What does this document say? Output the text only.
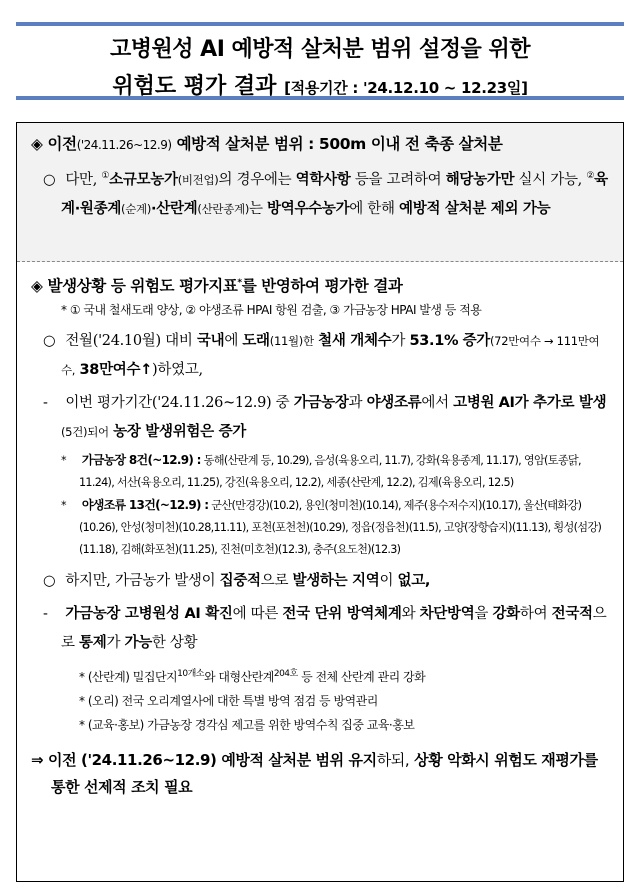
고병원성 AI 예방적 살처분 범위 설정을 위한
위험도 평가 결과 [적용기간 : '24.12.10 ~ 12.23일]
◈ 이전('24.11.26~12.9) 예방적 살처분 범위 : 500m 이내 전 축종 살처분
○ 다만, ①소규모농가(비전업)의 경우에는 역학사항 등을 고려하여 해당농가만 실시 가능, ②육계·원종계(순계)·산란계(산란종계)는 방역우수농가에 한해 예방적 살처분 제외 가능
◈ 발생상황 등 위험도 평가지표*를 반영하여 평가한 결과
* ① 국내 철새도래 양상, ② 야생조류 HPAI 항원 검출, ③ 가금농장 HPAI 발생 등 적용
○ 전월('24.10월) 대비 국내에 도래(11월)한 철새 개체수가 53.1% 증가(72만여수 → 111만여수, 38만여수↑)하였고,
- 이번 평가기간('24.11.26~12.9) 중 가금농장과 야생조류에서 고병원 AI가 추가로 발생(5건)되어 농장 발생위험은 증가
* 가금농장 8건(~12.9) : 동해(산란계 등, 10.29), 음성(육용오리, 11.7), 강화(육용종계, 11.17), 영암(토종닭, 11.24), 서산(육용오리, 11.25), 강진(육용오리, 12.2), 세종(산란계, 12.2), 김제(육용오리, 12.5)
* 야생조류 13건(~12.9) : 군산(만경강)(10.2), 용인(청미천)(10.14), 제주(용수저수지)(10.17), 울산(태화강)(10.26), 안성(청미천)(10.28,11.11), 포천(포천천)(10.29), 정읍(정읍천)(11.5), 고양(장항습지)(11.13), 횡성(섬강)(11.18), 김해(화포천)(11.25), 진천(미호천)(12.3), 충주(요도천)(12.3)
○ 하지만, 가금농가 발생이 집중적으로 발생하는 지역이 없고,
- 가금농장 고병원성 AI 확진에 따른 전국 단위 방역체계와 차단방역을 강화하여 전국적으로 통제가 가능한 상황
* (산란계) 밀집단지$^{10개소}$와 대형산란계$^{204호}$ 등 전체 산란계 관리 강화
* (오리) 전국 오리계열사에 대한 특별 방역 점검 등 방역관리
* (교육·홍보) 가금농장 경각심 제고를 위한 방역수칙 집중 교육·홍보
⇒ 이전 ('24.11.26~12.9) 예방적 살처분 범위 유지하되, 상황 악화시 위험도 재평가를 통한 선제적 조치 필요
